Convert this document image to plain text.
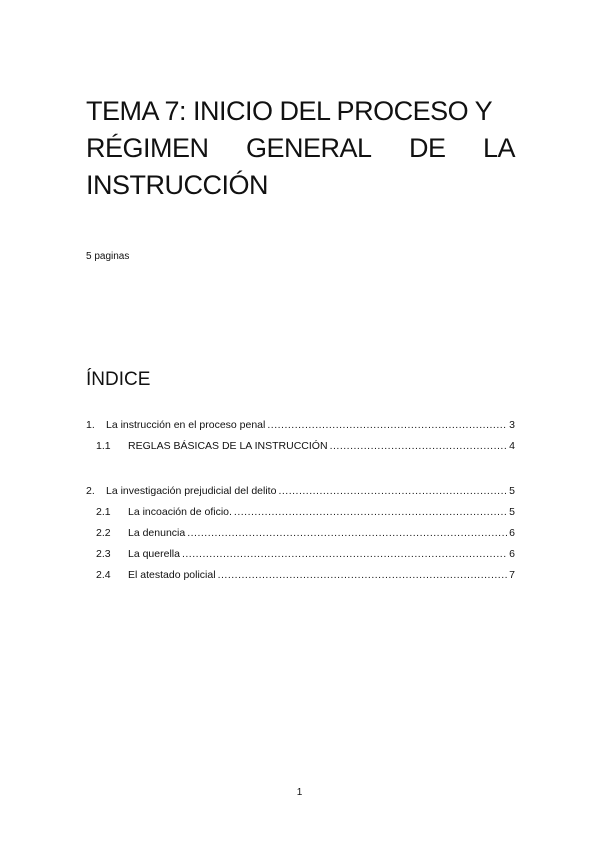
TEMA 7: INICIO DEL PROCESO Y
RÉGIMEN GENERAL DE LA
INSTRUCCIÓN
5 paginas
ÍNDICE
1.	La instrucción en el proceso penal .....	3
1.1	REGLAS BÁSICAS DE LA INSTRUCCIÓN .....	4
2.	La investigación prejudicial del delito .....	5
2.1	La incoación de oficio. .....	5
2.2	La denuncia .....	6
2.3	La querella .....	6
2.4	El atestado policial .....	7
1
